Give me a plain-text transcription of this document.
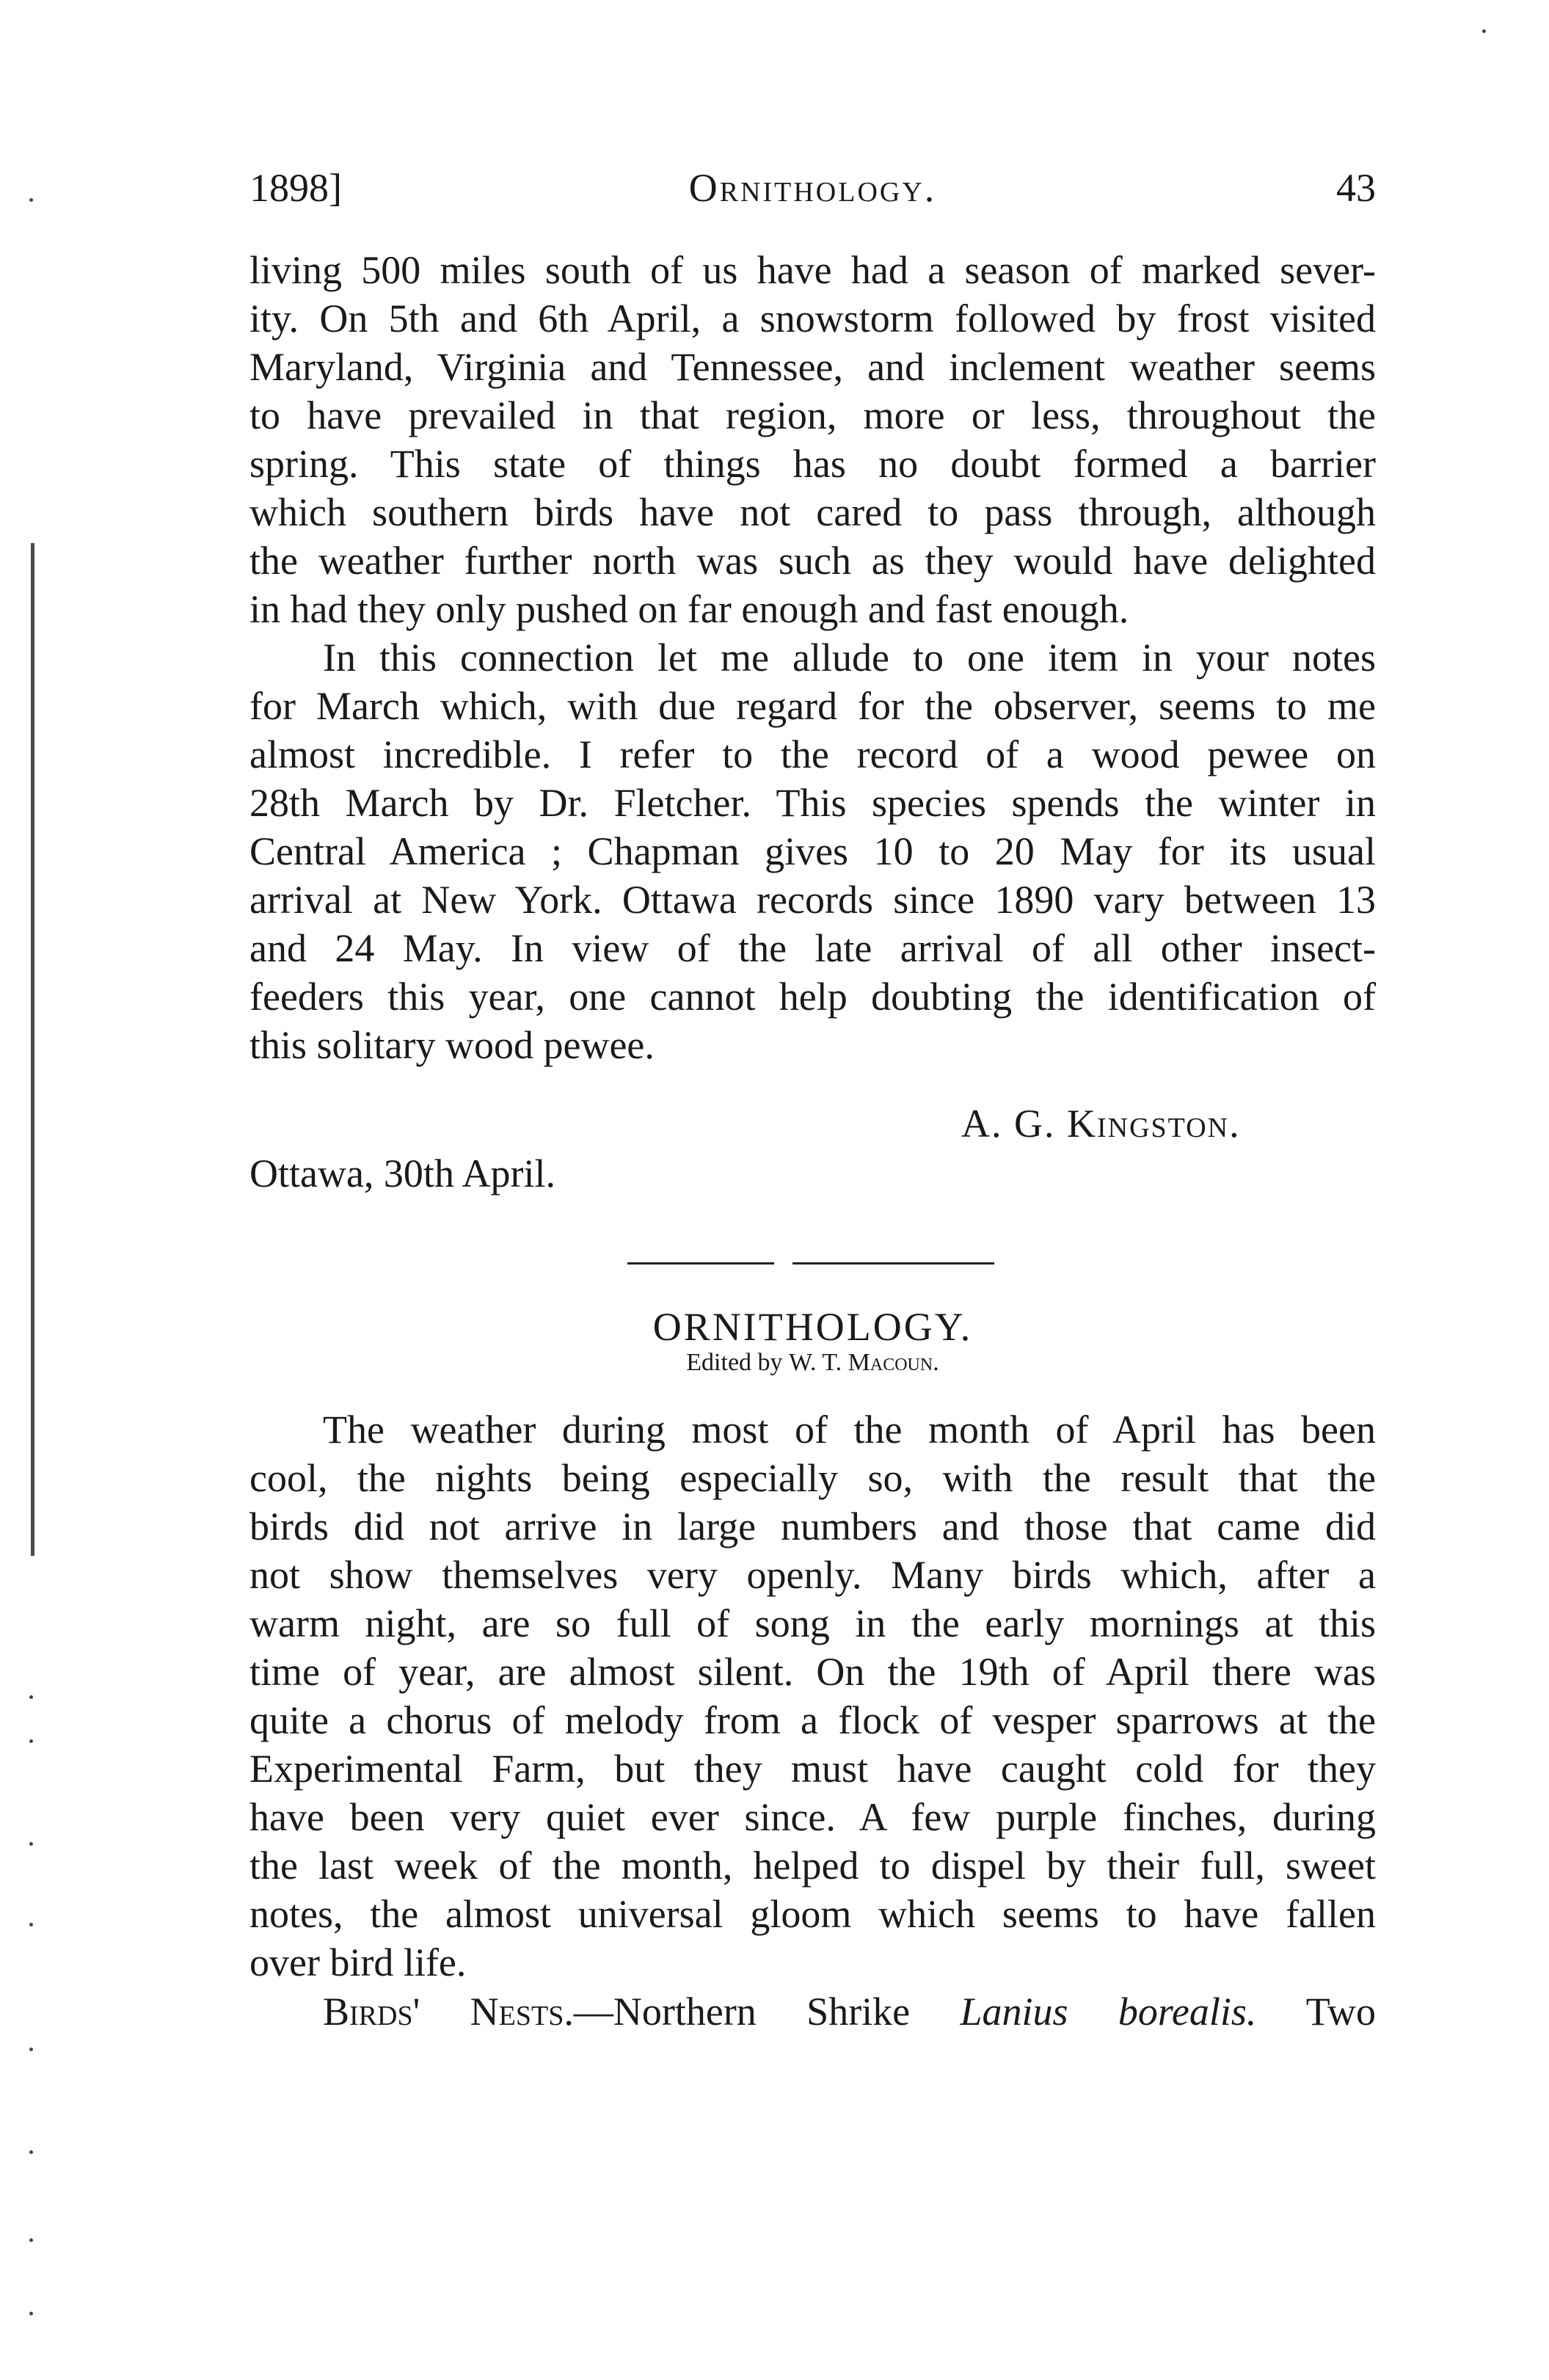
1898]	Ornithology.	43
living 500 miles south of us have had a season of marked sever-
ity. On 5th and 6th April, a snowstorm followed by frost visited
Maryland, Virginia and Tennessee, and inclement weather seems
to have prevailed in that region, more or less, throughout the
spring. This state of things has no doubt formed a barrier
which southern birds have not cared to pass through, although
the weather further north was such as they would have delighted
in had they only pushed on far enough and fast enough.
In this connection let me allude to one item in your notes
for March which, with due regard for the observer, seems to me
almost incredible. I refer to the record of a wood pewee on
28th March by Dr. Fletcher. This species spends the winter in
Central America ; Chapman gives 10 to 20 May for its usual
arrival at New York. Ottawa records since 1890 vary between 13
and 24 May. In view of the late arrival of all other insect-
feeders this year, one cannot help doubting the identification of
this solitary wood pewee.
A. G. Kingston.
Ottawa, 30th April.
ORNITHOLOGY.
Edited by W. T. Macoun.
The weather during most of the month of April has been
cool, the nights being especially so, with the result that the
birds did not arrive in large numbers and those that came did
not show themselves very openly. Many birds which, after a
warm night, are so full of song in the early mornings at this
time of year, are almost silent. On the 19th of April there was
quite a chorus of melody from a flock of vesper sparrows at the
Experimental Farm, but they must have caught cold for they
have been very quiet ever since. A few purple finches, during
the last week of the month, helped to dispel by their full, sweet
notes, the almost universal gloom which seems to have fallen
over bird life.
Birds' Nests.—Northern Shrike Lanius borealis. Two
